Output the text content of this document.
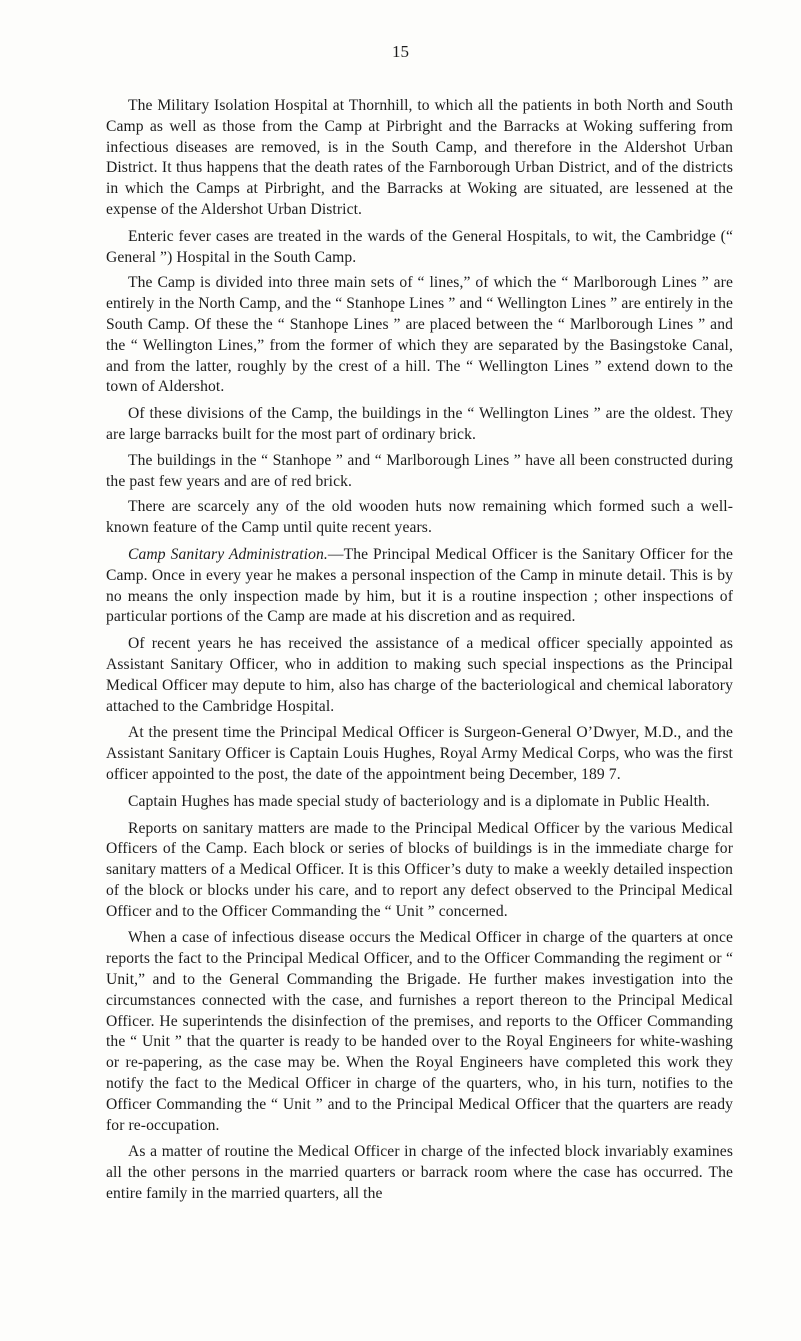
15

The Military Isolation Hospital at Thornhill, to which all the patients in both North and South Camp as well as those from the Camp at Pirbright and the Barracks at Woking suffering from infectious diseases are removed, is in the South Camp, and therefore in the Aldershot Urban District. It thus happens that the death rates of the Farnborough Urban District, and of the districts in which the Camps at Pirbright, and the Barracks at Woking are situated, are lessened at the expense of the Aldershot Urban District.

Enteric fever cases are treated in the wards of the General Hospitals, to wit, the Cambridge (“ General ”) Hospital in the South Camp.

The Camp is divided into three main sets of “ lines,” of which the “ Marlborough Lines ” are entirely in the North Camp, and the “ Stanhope Lines ” and “ Wellington Lines ” are entirely in the South Camp. Of these the “ Stanhope Lines ” are placed between the “ Marlborough Lines ” and the “ Wellington Lines,” from the former of which they are separated by the Basingstoke Canal, and from the latter, roughly by the crest of a hill. The “ Wellington Lines ” extend down to the town of Aldershot.

Of these divisions of the Camp, the buildings in the “ Wellington Lines ” are the oldest. They are large barracks built for the most part of ordinary brick.

The buildings in the “ Stanhope ” and “ Marlborough Lines ” have all been constructed during the past few years and are of red brick.

There are scarcely any of the old wooden huts now remaining which formed such a well-known feature of the Camp until quite recent years.

Camp Sanitary Administration.—The Principal Medical Officer is the Sanitary Officer for the Camp. Once in every year he makes a personal inspection of the Camp in minute detail. This is by no means the only inspection made by him, but it is a routine inspection ; other inspections of particular portions of the Camp are made at his discretion and as required.

Of recent years he has received the assistance of a medical officer specially appointed as Assistant Sanitary Officer, who in addition to making such special inspections as the Principal Medical Officer may depute to him, also has charge of the bacteriological and chemical laboratory attached to the Cambridge Hospital.

At the present time the Principal Medical Officer is Surgeon-General O’Dwyer, M.D., and the Assistant Sanitary Officer is Captain Louis Hughes, Royal Army Medical Corps, who was the first officer appointed to the post, the date of the appointment being December, 189 7.

Captain Hughes has made special study of bacteriology and is a diplomate in Public Health.

Reports on sanitary matters are made to the Principal Medical Officer by the various Medical Officers of the Camp. Each block or series of blocks of buildings is in the immediate charge for sanitary matters of a Medical Officer. It is this Officer’s duty to make a weekly detailed inspection of the block or blocks under his care, and to report any defect observed to the Principal Medical Officer and to the Officer Commanding the “ Unit ” concerned.

When a case of infectious disease occurs the Medical Officer in charge of the quarters at once reports the fact to the Principal Medical Officer, and to the Officer Commanding the regiment or “ Unit,” and to the General Commanding the Brigade. He further makes investigation into the circumstances connected with the case, and furnishes a report thereon to the Principal Medical Officer. He superintends the disinfection of the premises, and reports to the Officer Commanding the “ Unit ” that the quarter is ready to be handed over to the Royal Engineers for white-washing or re-papering, as the case may be. When the Royal Engineers have completed this work they notify the fact to the Medical Officer in charge of the quarters, who, in his turn, notifies to the Officer Commanding the “ Unit ” and to the Principal Medical Officer that the quarters are ready for re-occupation.

As a matter of routine the Medical Officer in charge of the infected block invariably examines all the other persons in the married quarters or barrack room where the case has occurred. The entire family in the married quarters, all the
